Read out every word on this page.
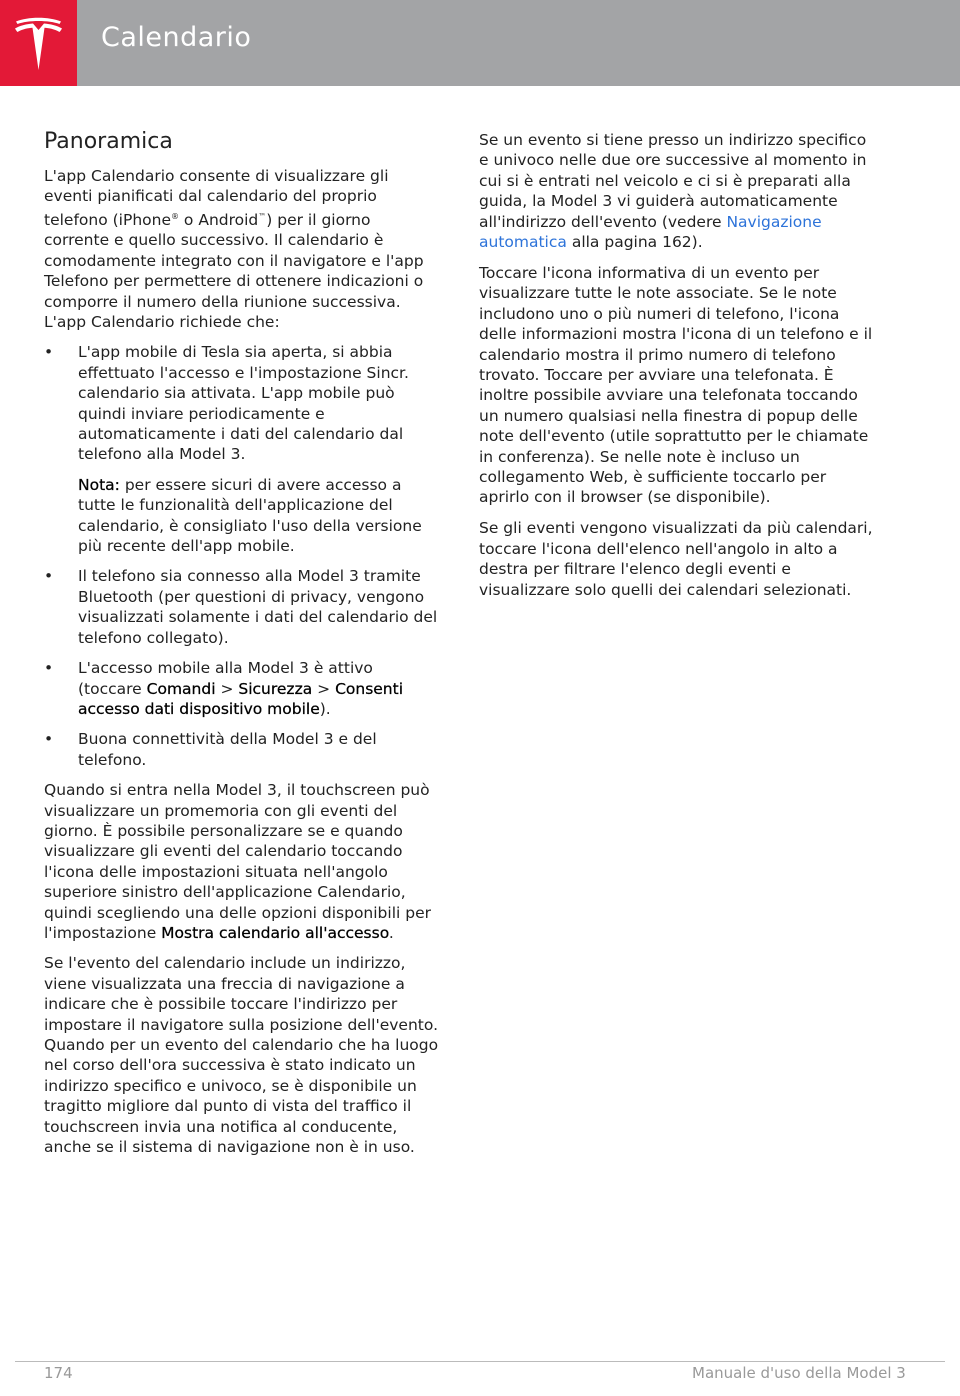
Calendario
Panoramica

L'app Calendario consente di visualizzare gli eventi pianificati dal calendario del proprio telefono (iPhone® o Android™) per il giorno corrente e quello successivo. Il calendario è comodamente integrato con il navigatore e l'app Telefono per permettere di ottenere indicazioni o comporre il numero della riunione successiva. L'app Calendario richiede che:

• L'app mobile di Tesla sia aperta, si abbia effettuato l'accesso e l'impostazione Sincr. calendario sia attivata. L'app mobile può quindi inviare periodicamente e automaticamente i dati del calendario dal telefono alla Model 3.

Nota: per essere sicuri di avere accesso a tutte le funzionalità dell'applicazione del calendario, è consigliato l'uso della versione più recente dell'app mobile.

• Il telefono sia connesso alla Model 3 tramite Bluetooth (per questioni di privacy, vengono visualizzati solamente i dati del calendario del telefono collegato).

• L'accesso mobile alla Model 3 è attivo (toccare Comandi > Sicurezza > Consenti accesso dati dispositivo mobile).

• Buona connettività della Model 3 e del telefono.

Quando si entra nella Model 3, il touchscreen può visualizzare un promemoria con gli eventi del giorno. È possibile personalizzare se e quando visualizzare gli eventi del calendario toccando l'icona delle impostazioni situata nell'angolo superiore sinistro dell'applicazione Calendario, quindi scegliendo una delle opzioni disponibili per l'impostazione Mostra calendario all'accesso.

Se l'evento del calendario include un indirizzo, viene visualizzata una freccia di navigazione a indicare che è possibile toccare l'indirizzo per impostare il navigatore sulla posizione dell'evento. Quando per un evento del calendario che ha luogo nel corso dell'ora successiva è stato indicato un indirizzo specifico e univoco, se è disponibile un tragitto migliore dal punto di vista del traffico il touchscreen invia una notifica al conducente, anche se il sistema di navigazione non è in uso.

Se un evento si tiene presso un indirizzo specifico e univoco nelle due ore successive al momento in cui si è entrati nel veicolo e ci si è preparati alla guida, la Model 3 vi guiderà automaticamente all'indirizzo dell'evento (vedere Navigazione automatica alla pagina 162).

Toccare l'icona informativa di un evento per visualizzare tutte le note associate. Se le note includono uno o più numeri di telefono, l'icona delle informazioni mostra l'icona di un telefono e il calendario mostra il primo numero di telefono trovato. Toccare per avviare una telefonata. È inoltre possibile avviare una telefonata toccando un numero qualsiasi nella finestra di popup delle note dell'evento (utile soprattutto per le chiamate in conferenza). Se nelle note è incluso un collegamento Web, è sufficiente toccarlo per aprirlo con il browser (se disponibile).

Se gli eventi vengono visualizzati da più calendari, toccare l'icona dell'elenco nell'angolo in alto a destra per filtrare l'elenco degli eventi e visualizzare solo quelli dei calendari selezionati.

174	Manuale d'uso della Model 3
